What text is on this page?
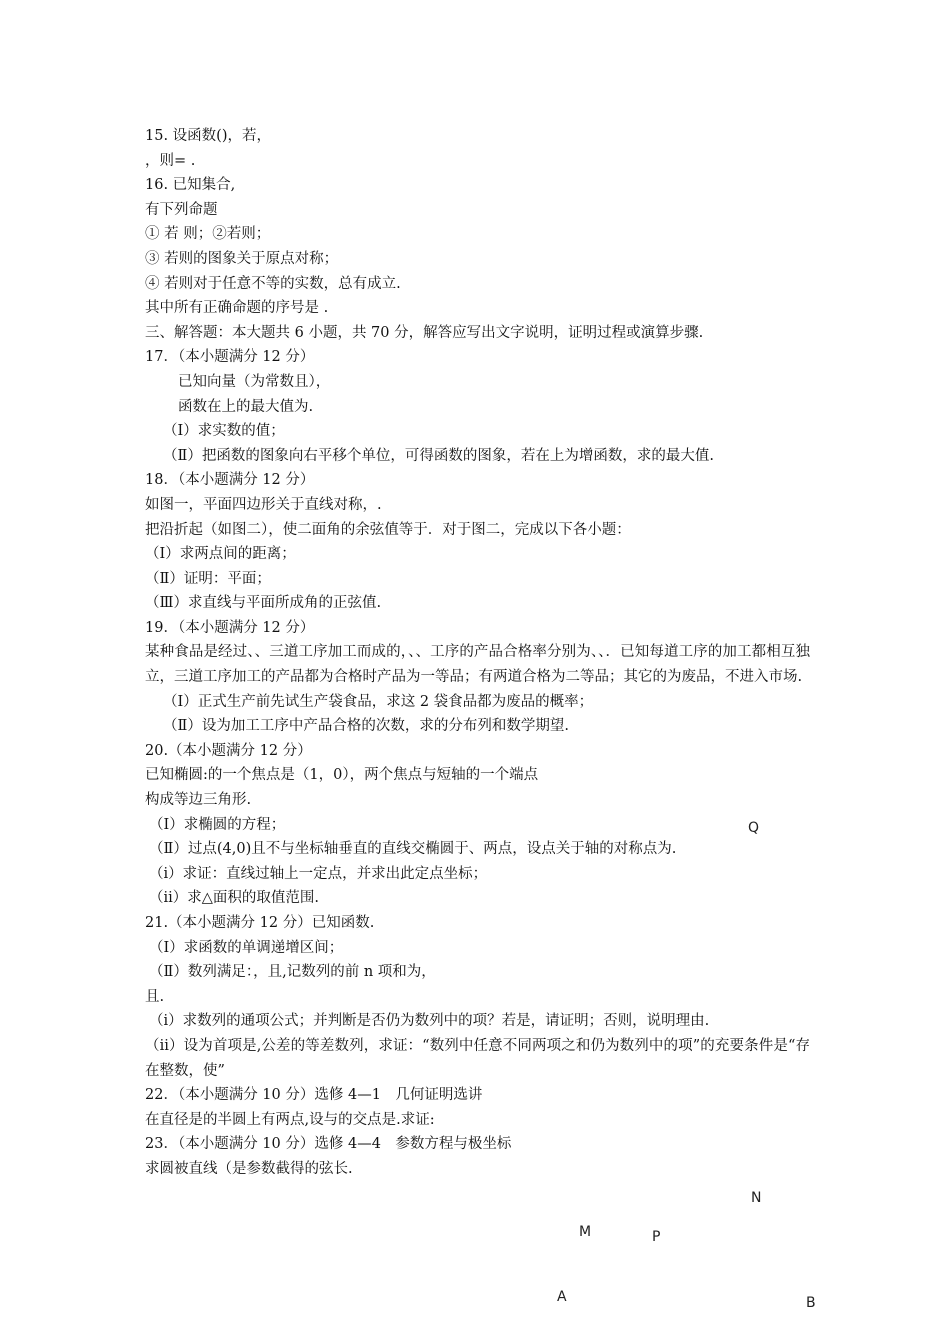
15. 设函数()，若，
，则= .
16. 已知集合,
有下列命题
① 若 则；②若则；
③ 若则的图象关于原点对称；
④ 若则对于任意不等的实数，总有成立.
其中所有正确命题的序号是 .
三、解答题：本大题共 6 小题，共 70 分，解答应写出文字说明，证明过程或演算步骤.
17．（本小题满分 12 分）
已知向量（为常数且），
函数在上的最大值为.
（Ⅰ）求实数的值；
（Ⅱ）把函数的图象向右平移个单位，可得函数的图象，若在上为增函数，求的最大值.
18．（本小题满分 12 分）
如图一，平面四边形关于直线对称，.
把沿折起（如图二），使二面角的余弦值等于．对于图二，完成以下各小题：
（Ⅰ）求两点间的距离；
（Ⅱ）证明：平面；
（Ⅲ）求直线与平面所成角的正弦值.
19．（本小题满分 12 分）
某种食品是经过、、三道工序加工而成的，、、工序的产品合格率分别为、、．已知每道工序的加工都相互独立，三道工序加工的产品都为合格时产品为一等品；有两道合格为二等品；其它的为废品，不进入市场.
（Ⅰ）正式生产前先试生产袋食品，求这 2 袋食品都为废品的概率；
（Ⅱ）设为加工工序中产品合格的次数，求的分布列和数学期望.
20.（本小题满分 12 分）
已知椭圆:的一个焦点是（1，0），两个焦点与短轴的一个端点
构成等边三角形.
（Ⅰ）求椭圆的方程；
（Ⅱ）过点(4,0)且不与坐标轴垂直的直线交椭圆于、两点，设点关于轴的对称点为.
（ⅰ）求证：直线过轴上一定点，并求出此定点坐标；
（ⅱ）求△面积的取值范围.
21.（本小题满分 12 分）已知函数.
（Ⅰ）求函数的单调递增区间；
（Ⅱ）数列满足：，且,记数列的前 n 项和为，
且.
（ⅰ）求数列的通项公式；并判断是否仍为数列中的项？若是，请证明；否则，说明理由.
（ⅱ）设为首项是,公差的等差数列，求证：“数列中任意不同两项之和仍为数列中的项”的充要条件是“存在整数，使”
22．（本小题满分 10 分）选修 4—1　几何证明选讲
在直径是的半圆上有两点,设与的交点是.求证:
23．（本小题满分 10 分）选修 4—4　参数方程与极坐标
求圆被直线（是参数截得的弦长.
Q
N
M	P
A	B
